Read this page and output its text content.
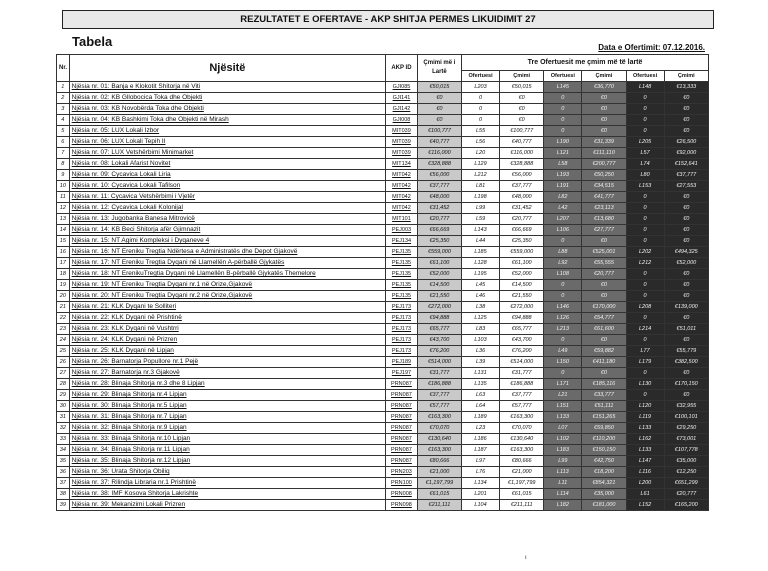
REZULTATET E OFERTAVE - AKP SHITJA PERMES LIKUIDIMIT 27
Tabela	Data e Ofertimit: 07.12.2016.
Nr.	Njësitë	AKP ID	Çmimi më i Lartë	Tre Ofertuesit me çmim më të lartë					
				Ofertuesi	Çmimi	Ofertuesi	Çmimi	Ofertuesi	Çmimi
1	Njësia nr. 01: Banja e Klokotit Shitorja në Viti	GJI085	€50,015	L203	€50,015	L145	€36,770	L148	€13,333
2	Njësia nr. 02: KB Gllobocica Toka dhe Objekti	GJI141	€0	0	€0	0	€0	0	€0
3	Njësia nr. 03: KB Novobërda Toka dhe Objekti	GJI142	€0	0	€0	0	€0	0	€0
4	Njësia nr. 04: KB Bashkimi Toka dhe Objekti në Mirash	GJI008	€0	0	€0	0	€0	0	€0
5	Njësia nr. 05: LUX Lokali Izbor	MIT039	€100,777	L55	€100,777	0	€0	0	€0
6	Njësia nr. 06: LUX Lokali Tepih II	MIT039	€40,777	L56	€40,777	L190	€31,339	L205	€26,500
7	Njësia nr. 07: LUX Vetshërbimi Minimarket	MIT039	€116,000	L20	€116,000	L121	€111,110	L57	€92,000
8	Njësia nr. 08: Lokali Afarist Novitet	MIT134	€328,888	L129	€328,888	L58	€200,777	L74	€152,641
9	Njësia nr. 09: Cycavica Lokali Liria	MIT042	€56,000	L212	€56,000	L193	€50,250	L80	€37,777
10	Njësia nr. 10: Cycavica Lokali Tafilson	MIT042	€37,777	L81	€37,777	L191	€34,515	L153	€27,553
11	Njësia nr. 11: Cycavica Vetshërbimi i Vjetër	MIT042	€48,000	L198	€48,000	L82	€41,777	0	€0
12	Njësia nr. 12: Cycavica Lokali Kolonijal	MIT042	€31,452	L99	€31,452	L42	€23,113	0	€0
13	Njësia nr. 13: Jugobanka Banesa Mitrovicë	MIT101	€20,777	L59	€20,777	L207	€13,680	0	€0
14	Njësia nr. 14: KB Beci Shitorja afër Gjimnazit	PEJ003	€66,669	L143	€66,669	L106	€27,777	0	€0
15	Njësia nr. 15: NT Agimi Kompleksi i Dyqaneve 4	PEJ134	€25,350	L44	€25,350	0	€0	0	€0
16	Njësia nr. 16: NT Ereniku Tregtia Ndërtesa e Administratës dhe Depot Gjakovë	PEJ135	€559,000	L185	€559,000	L88	€525,001	L202	€494,325
17	Njësia nr. 17: NT Ereniku Tregtia Dyqani në Llamellën A-përballë Gjykatës	PEJ135	€61,100	L128	€61,100	L92	€55,555	L212	€52,000
18	Njësia nr. 18: NT ErenikuTregtia Dyqani në Llamellën B-përballë Gjykatës Themelore	PEJ135	€52,000	L195	€52,000	L108	€20,777	0	€0
19	Njësia nr. 19: NT Ereniku Tregtia Dyqani nr.1 në Orize,Gjakovë	PEJ135	€14,500	L45	€14,500	0	€0	0	€0
20	Njësia nr. 20: NT Ereniku Tregtia Dyqani nr.2 në Orize,Gjakovë	PEJ135	€21,550	L46	€21,550	0	€0	0	€0
21	Njësia nr. 21: KLK Dyqani te Solliteri	PEJ173	€272,000	L38	€272,000	L146	€170,000	L208	€139,000
22	Njësia nr. 22: KLK Dyqani në Prishtinë	PEJ173	€94,888	L125	€94,888	L126	€54,777	0	€0
23	Njësia nr. 23: KLK Dyqani në Vushtrri	PEJ173	€65,777	L83	€65,777	L213	€61,600	L214	€51,011
24	Njësia nr. 24: KLK Dyqani në Prizren	PEJ173	€43,700	L103	€43,700	0	€0	0	€0
25	Njësia nr. 25: KLK Dyqani në Lipjan	PEJ173	€76,200	L36	€76,200	L49	€59,882	L77	€55,779
26	Njësia nr. 26: Barnatorja Popullore nr.1 Pejë	PEJ189	€514,000	L39	€514,000	L150	€411,180	L179	€382,500
27	Njësia nr. 27: Barnatorja nr.3 Gjakovë	PEJ197	€31,777	L131	€31,777	0	€0	0	€0
28	Njësia nr. 28: Blinaja Shitorja nr.3 dhe 8 Lipjan	PRN087	€186,888	L135	€186,888	L171	€185,116	L130	€170,150
29	Njësia nr. 29: Blinaja Shitorja nr.4 Lipjan	PRN087	€37,777	L63	€37,777	L21	€33,777	0	€0
30	Njësia nr. 30: Blinaja Shitorja nr.5 Lipjan	PRN087	€57,777	L64	€57,777	L151	€51,111	L120	€32,955
31	Njësia nr. 31: Blinaja Shitorja nr.7 Lipjan	PRN087	€163,300	L189	€163,300	L133	€151,265	L119	€100,101
32	Njësia nr. 32: Blinaja Shitorja nr.9 Lipjan	PRN087	€70,070	L23	€70,070	L07	€59,850	L133	€29,250
33	Njësia nr. 33: Blinaja Shitorja nr.10 Lipjan	PRN087	€130,640	L186	€130,640	L102	€110,200	L162	€73,001
34	Njësia nr. 34: Blinaja Shitorja nr.11 Lipjan	PRN087	€163,300	L187	€163,300	L183	€150,150	L133	€107,778
35	Njësia nr. 35: Blinaja Shitorja nr.12 Lipjan	PRN087	€80,666	L97	€80,666	L99	€42,750	L147	€35,000
36	Njësia nr. 36: Urata Shitorja Obiliq	PRN203	€21,000	L76	€21,000	L113	€18,200	L116	€12,250
37	Njësia nr. 37: Rilindja Libraria nr.1 Prishtinë	PRN100	€1,197,799	L134	€1,197,799	L11	€854,321	L200	€651,299
38	Njësia nr. 38: IMF Kosova Shitorja Lakrishte	PRN008	€61,015	L201	€61,015	L114	€35,000	L61	€20,777
39	Njësia nr. 39: Mekanizimi Lokali Prizren	PRN098	€211,111	L104	€211,111	L182	€181,000	L152	€165,200
ı
